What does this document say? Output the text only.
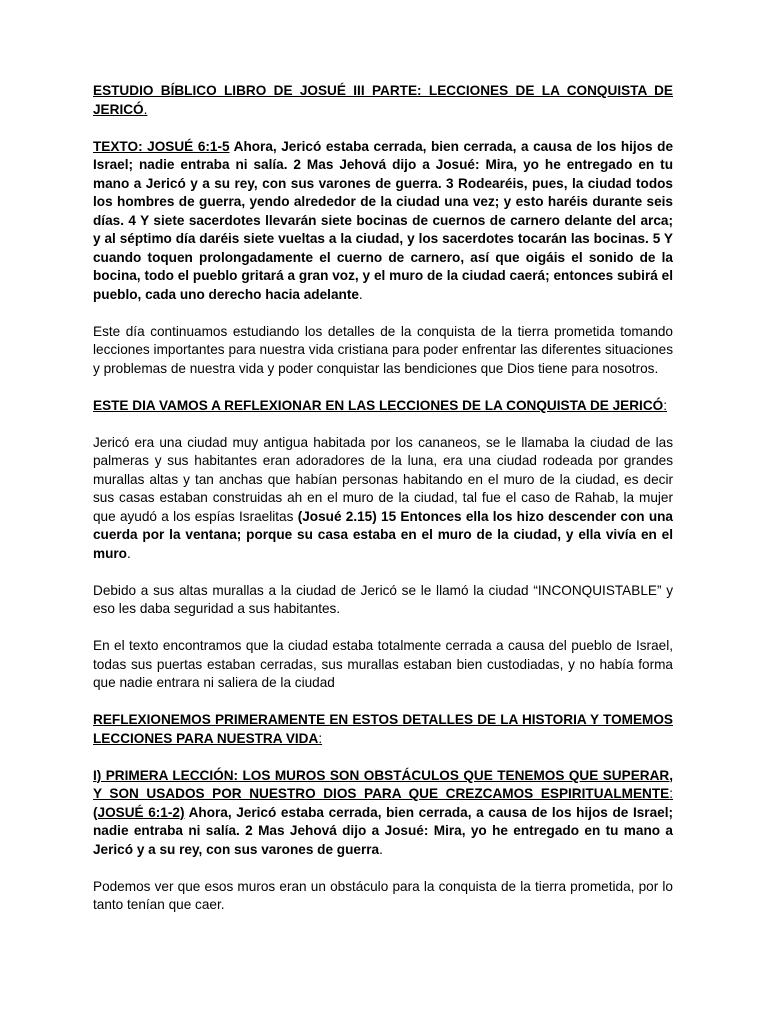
ESTUDIO BÍBLICO LIBRO DE JOSUÉ III PARTE: LECCIONES DE LA CONQUISTA DE JERICÓ.

TEXTO: JOSUÉ 6:1-5 Ahora, Jericó estaba cerrada, bien cerrada, a causa de los hijos de Israel; nadie entraba ni salía. 2 Mas Jehová dijo a Josué: Mira, yo he entregado en tu mano a Jericó y a su rey, con sus varones de guerra. 3 Rodearéis, pues, la ciudad todos los hombres de guerra, yendo alrededor de la ciudad una vez; y esto haréis durante seis días. 4 Y siete sacerdotes llevarán siete bocinas de cuernos de carnero delante del arca; y al séptimo día daréis siete vueltas a la ciudad, y los sacerdotes tocarán las bocinas. 5 Y cuando toquen prolongadamente el cuerno de carnero, así que oigáis el sonido de la bocina, todo el pueblo gritará a gran voz, y el muro de la ciudad caerá; entonces subirá el pueblo, cada uno derecho hacia adelante.

Este día continuamos estudiando los detalles de la conquista de la tierra prometida tomando lecciones importantes para nuestra vida cristiana para poder enfrentar las diferentes situaciones y problemas de nuestra vida y poder conquistar las bendiciones que Dios tiene para nosotros.

ESTE DIA VAMOS A REFLEXIONAR EN LAS LECCIONES DE LA CONQUISTA DE JERICÓ:

Jericó era una ciudad muy antigua habitada por los cananeos, se le llamaba la ciudad de las palmeras y sus habitantes eran adoradores de la luna, era una ciudad rodeada por grandes murallas altas y tan anchas que habían personas habitando en el muro de la ciudad, es decir sus casas estaban construidas ah en el muro de la ciudad, tal fue el caso de Rahab, la mujer que ayudó a los espías Israelitas (Josué 2.15) 15 Entonces ella los hizo descender con una cuerda por la ventana; porque su casa estaba en el muro de la ciudad, y ella vivía en el muro.

Debido a sus altas murallas a la ciudad de Jericó se le llamó la ciudad “INCONQUISTABLE” y eso les daba seguridad a sus habitantes.

En el texto encontramos que la ciudad estaba totalmente cerrada a causa del pueblo de Israel, todas sus puertas estaban cerradas, sus murallas estaban bien custodiadas, y no había forma que nadie entrara ni saliera de la ciudad

REFLEXIONEMOS PRIMERAMENTE EN ESTOS DETALLES DE LA HISTORIA Y TOMEMOS LECCIONES PARA NUESTRA VIDA:

I) PRIMERA LECCIÓN: LOS MUROS SON OBSTÁCULOS QUE TENEMOS QUE SUPERAR, Y SON USADOS POR NUESTRO DIOS PARA QUE CREZCAMOS ESPIRITUALMENTE: (JOSUÉ 6:1-2) Ahora, Jericó estaba cerrada, bien cerrada, a causa de los hijos de Israel; nadie entraba ni salía. 2 Mas Jehová dijo a Josué: Mira, yo he entregado en tu mano a Jericó y a su rey, con sus varones de guerra.

Podemos ver que esos muros eran un obstáculo para la conquista de la tierra prometida, por lo tanto tenían que caer.
